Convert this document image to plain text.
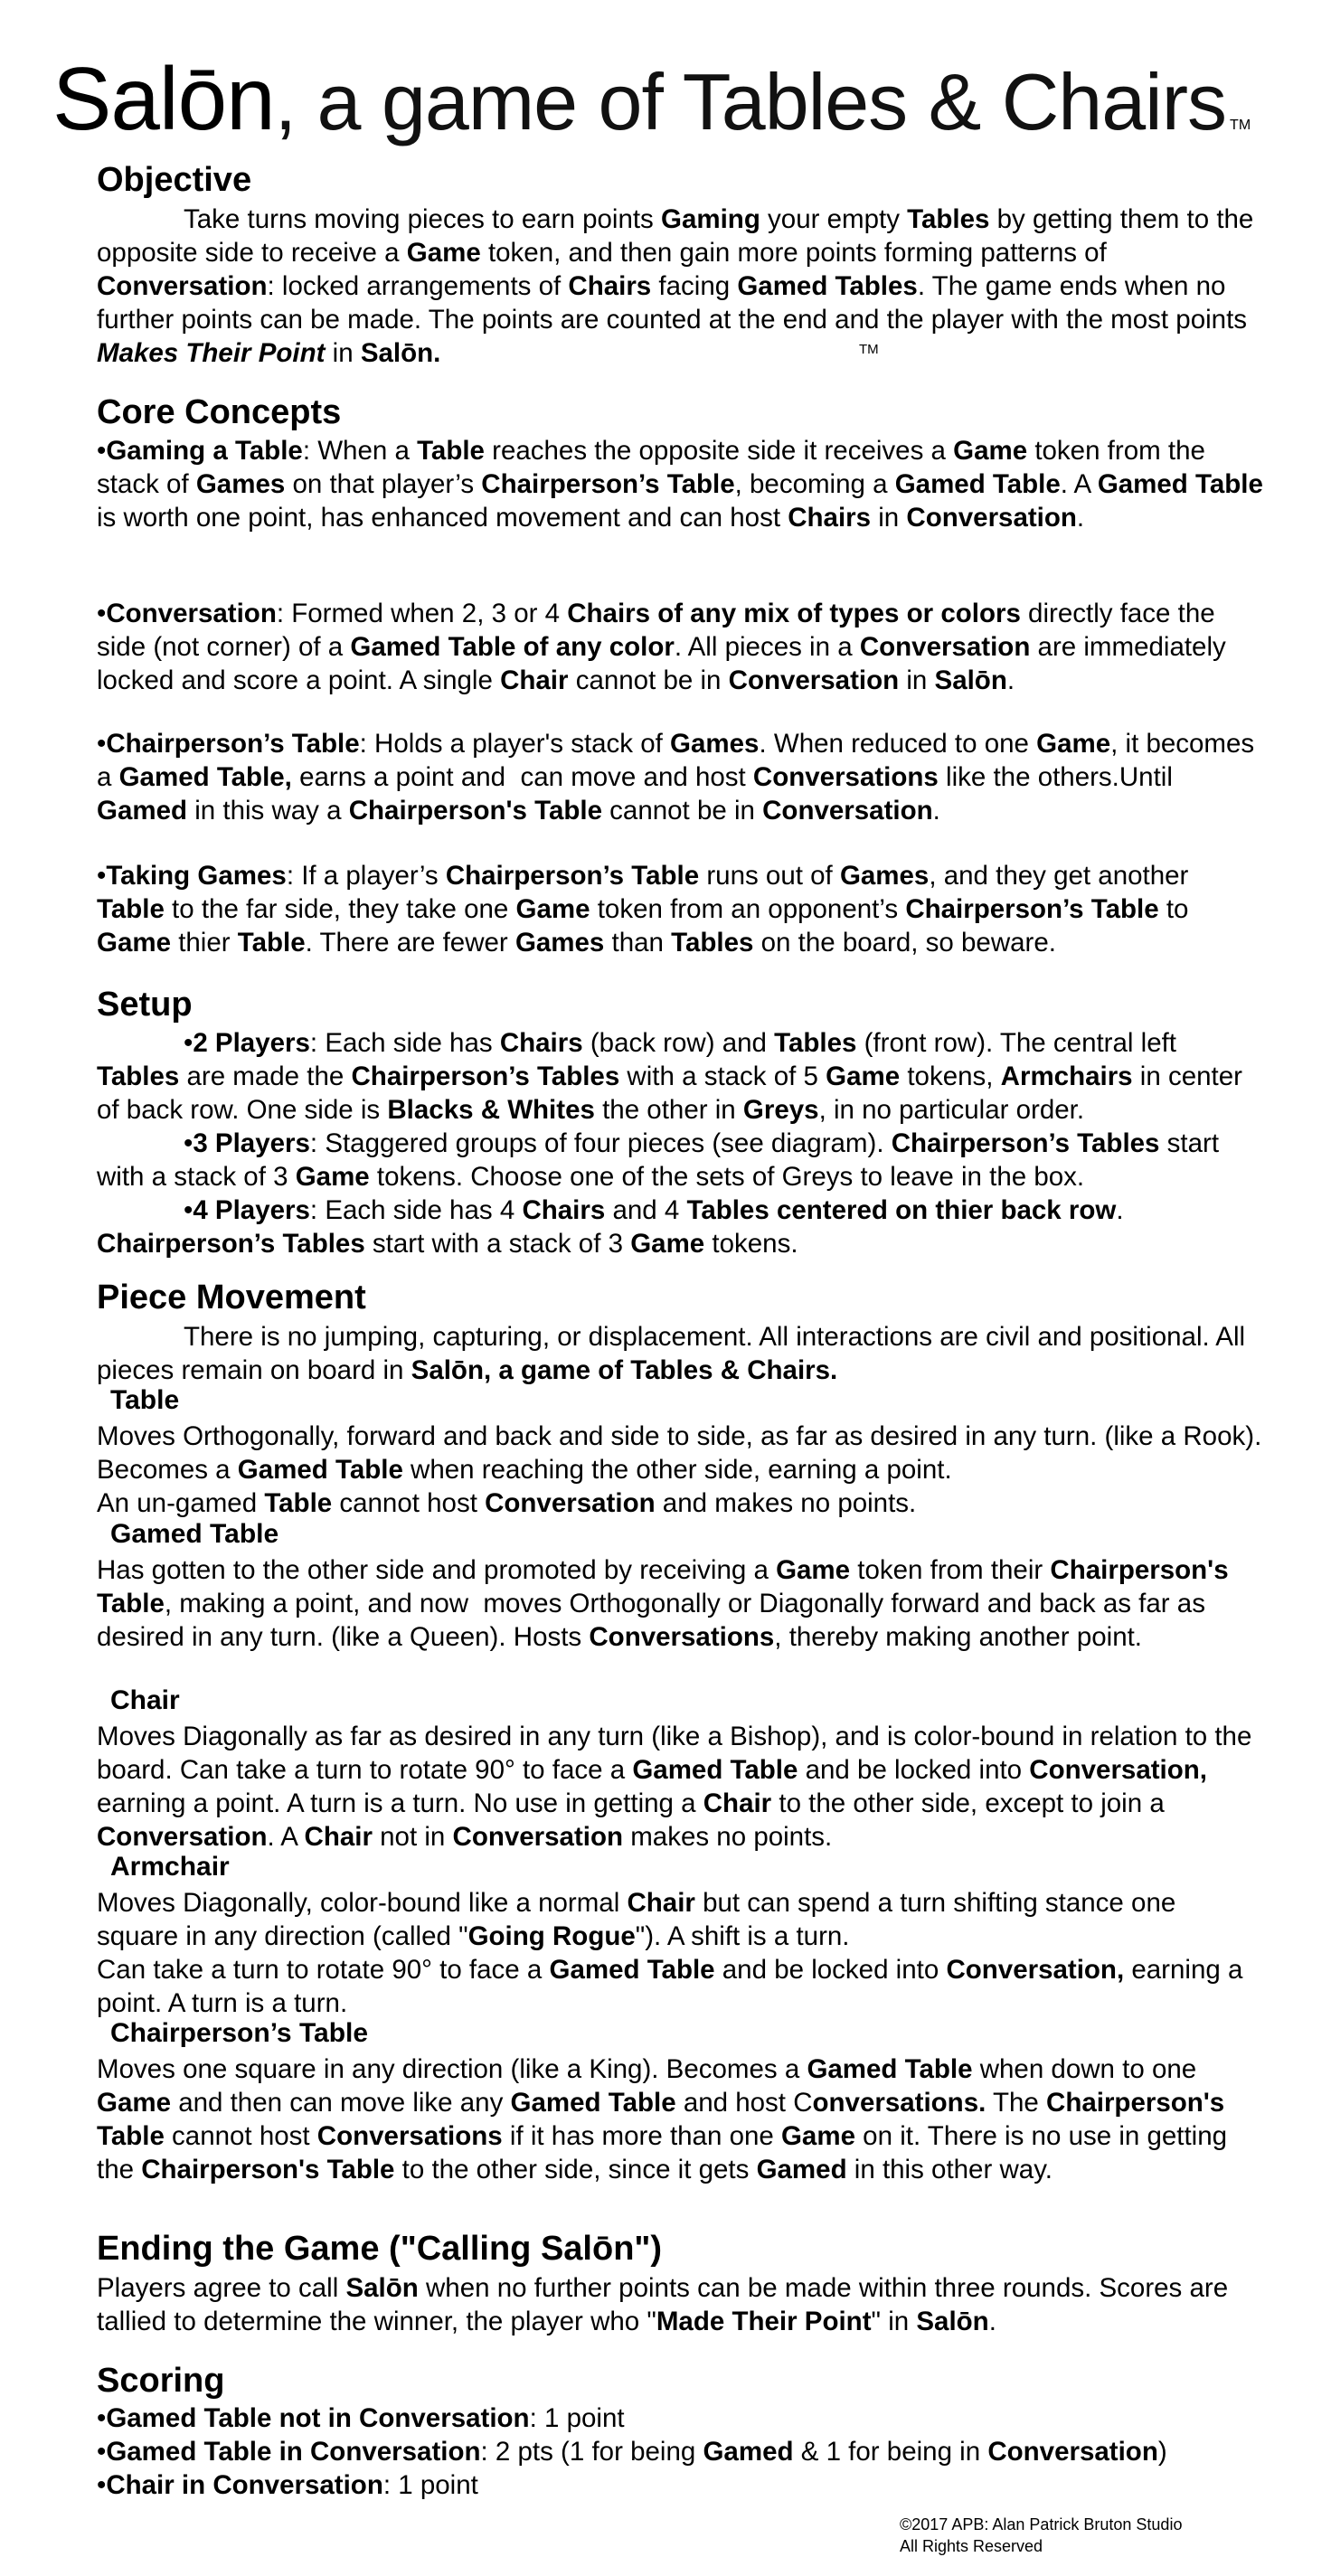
Salōn, a game of Tables & Chairs TM
Objective

Take turns moving pieces to earn points Gaming your empty Tables by getting them to the opposite side to receive a Game token, and then gain more points forming patterns of Conversation: locked arrangements of Chairs facing Gamed Tables. The game ends when no further points can be made. The points are counted at the end and the player with the most points Makes Their Point in Salōn.	TM
Core Concepts

•Gaming a Table: When a Table reaches the opposite side it receives a Game token from the stack of Games on that player’s Chairperson’s Table, becoming a Gamed Table. A Gamed Table is worth one point, has enhanced movement and can host Chairs in Conversation.

•Conversation: Formed when 2, 3 or 4 Chairs of any mix of types or colors directly face the side (not corner) of a Gamed Table of any color. All pieces in a Conversation are immediately locked and score a point. A single Chair cannot be in Conversation in Salōn.

•Chairperson’s Table: Holds a player's stack of Games. When reduced to one Game, it becomes a Gamed Table, earns a point and  can move and host Conversations like the others.Until Gamed in this way a Chairperson's Table cannot be in Conversation.

•Taking Games: If a player’s Chairperson’s Table runs out of Games, and they get another Table to the far side, they take one Game token from an opponent’s Chairperson’s Table to Game thier Table. There are fewer Games than Tables on the board, so beware.

Setup

•2 Players: Each side has Chairs (back row) and Tables (front row). The central left Tables are made the Chairperson’s Tables with a stack of 5 Game tokens, Armchairs in center of back row. One side is Blacks & Whites the other in Greys, in no particular order.

•3 Players: Staggered groups of four pieces (see diagram). Chairperson’s Tables start with a stack of 3 Game tokens. Choose one of the sets of Greys to leave in the box.

•4 Players: Each side has 4 Chairs and 4 Tables centered on thier back row. Chairperson’s Tables start with a stack of 3 Game tokens.

Piece Movement

There is no jumping, capturing, or displacement. All interactions are civil and positional. All pieces remain on board in Salōn, a game of Tables & Chairs.

Table

Moves Orthogonally, forward and back and side to side, as far as desired in any turn. (like a Rook). Becomes a Gamed Table when reaching the other side, earning a point.
An un-gamed Table cannot host Conversation and makes no points.

Gamed Table

Has gotten to the other side and promoted by receiving a Game token from their Chairperson's Table, making a point, and now  moves Orthogonally or Diagonally forward and back as far as desired in any turn. (like a Queen). Hosts Conversations, thereby making another point.

Chair

Moves Diagonally as far as desired in any turn (like a Bishop), and is color-bound in relation to the board. Can take a turn to rotate 90° to face a Gamed Table and be locked into Conversation, earning a point. A turn is a turn. No use in getting a Chair to the other side, except to join a Conversation. A Chair not in Conversation makes no points.

Armchair

Moves Diagonally, color-bound like a normal Chair but can spend a turn shifting stance one square in any direction (called "Going Rogue"). A shift is a turn.
Can take a turn to rotate 90° to face a Gamed Table and be locked into Conversation, earning a point. A turn is a turn.

Chairperson’s Table

Moves one square in any direction (like a King). Becomes a Gamed Table when down to one Game and then can move like any Gamed Table and host Conversations. The Chairperson's Table cannot host Conversations if it has more than one Game on it. There is no use in getting the Chairperson's Table to the other side, since it gets Gamed in this other way.

Ending the Game ("Calling Salōn")

Players agree to call Salōn when no further points can be made within three rounds. Scores are tallied to determine the winner, the player who "Made Their Point" in Salōn.

Scoring

•Gamed Table not in Conversation: 1 point

•Gamed Table in Conversation: 2 pts (1 for being Gamed & 1 for being in Conversation)

•Chair in Conversation: 1 point

©2017 APB: Alan Patrick Bruton Studio
All Rights Reserved
